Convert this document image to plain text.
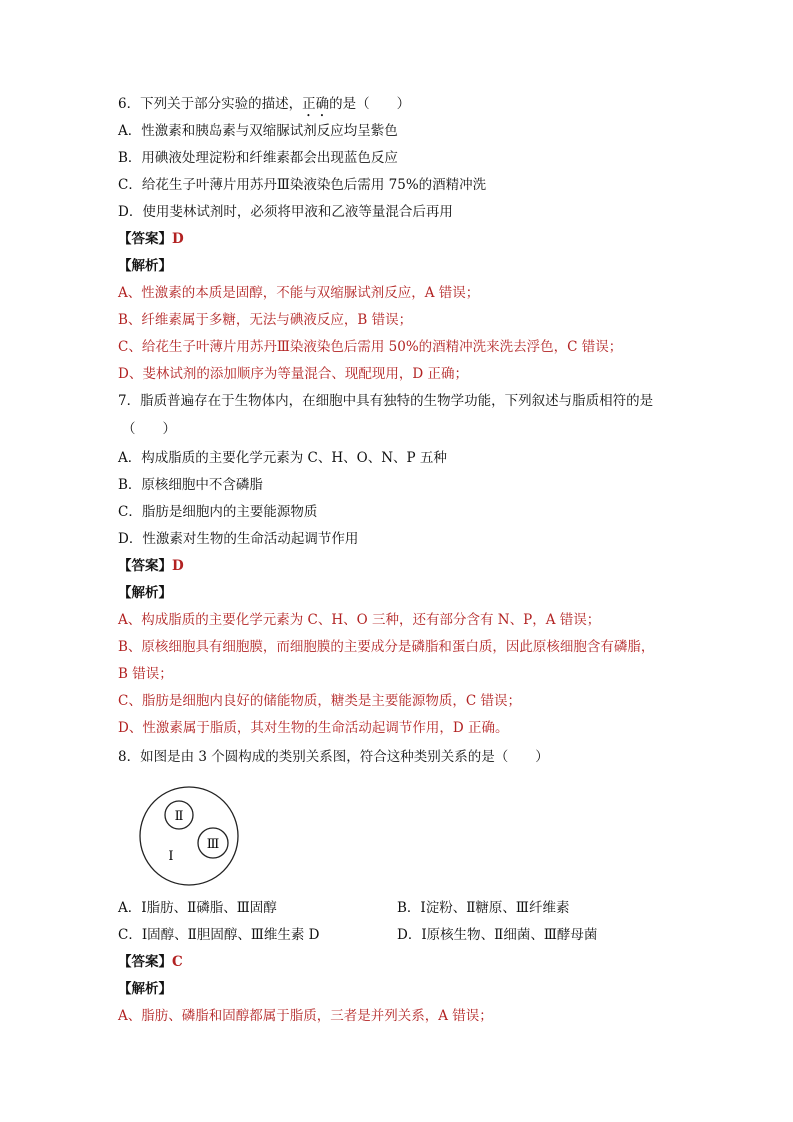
6．下列关于部分实验的描述，正确的是（　　）
A．性激素和胰岛素与双缩脲试剂反应均呈紫色
B．用碘液处理淀粉和纤维素都会出现蓝色反应
C．给花生子叶薄片用苏丹Ⅲ染液染色后需用 75%的酒精冲洗
D．使用斐林试剂时，必须将甲液和乙液等量混合后再用
【答案】D
【解析】
A、性激素的本质是固醇，不能与双缩脲试剂反应，A 错误；
B、纤维素属于多糖，无法与碘液反应，B 错误；
C、给花生子叶薄片用苏丹Ⅲ染液染色后需用 50%的酒精冲洗来洗去浮色，C 错误；
D、斐林试剂的添加顺序为等量混合、现配现用，D 正确；
7．脂质普遍存在于生物体内，在细胞中具有独特的生物学功能，下列叙述与脂质相符的是
（　　）
A．构成脂质的主要化学元素为 C、H、O、N、P 五种
B．原核细胞中不含磷脂
C．脂肪是细胞内的主要能源物质
D．性激素对生物的生命活动起调节作用
【答案】D
【解析】
A、构成脂质的主要化学元素为 C、H、O 三种，还有部分含有 N、P，A 错误；
B、原核细胞具有细胞膜，而细胞膜的主要成分是磷脂和蛋白质，因此原核细胞含有磷脂，
B 错误；
C、脂肪是细胞内良好的储能物质，糖类是主要能源物质，C 错误；
D、性激素属于脂质，其对生物的生命活动起调节作用，D 正确。
8．如图是由 3 个圆构成的类别关系图，符合这种类别关系的是（　　）
Ⅱ
Ⅲ
Ⅰ
A．Ⅰ脂肪、Ⅱ磷脂、Ⅲ固醇	B．Ⅰ淀粉、Ⅱ糖原、Ⅲ纤维素
C．Ⅰ固醇、Ⅱ胆固醇、Ⅲ维生素 D	D．Ⅰ原核生物、Ⅱ细菌、Ⅲ酵母菌
【答案】C
【解析】
A、脂肪、磷脂和固醇都属于脂质，三者是并列关系，A 错误；
